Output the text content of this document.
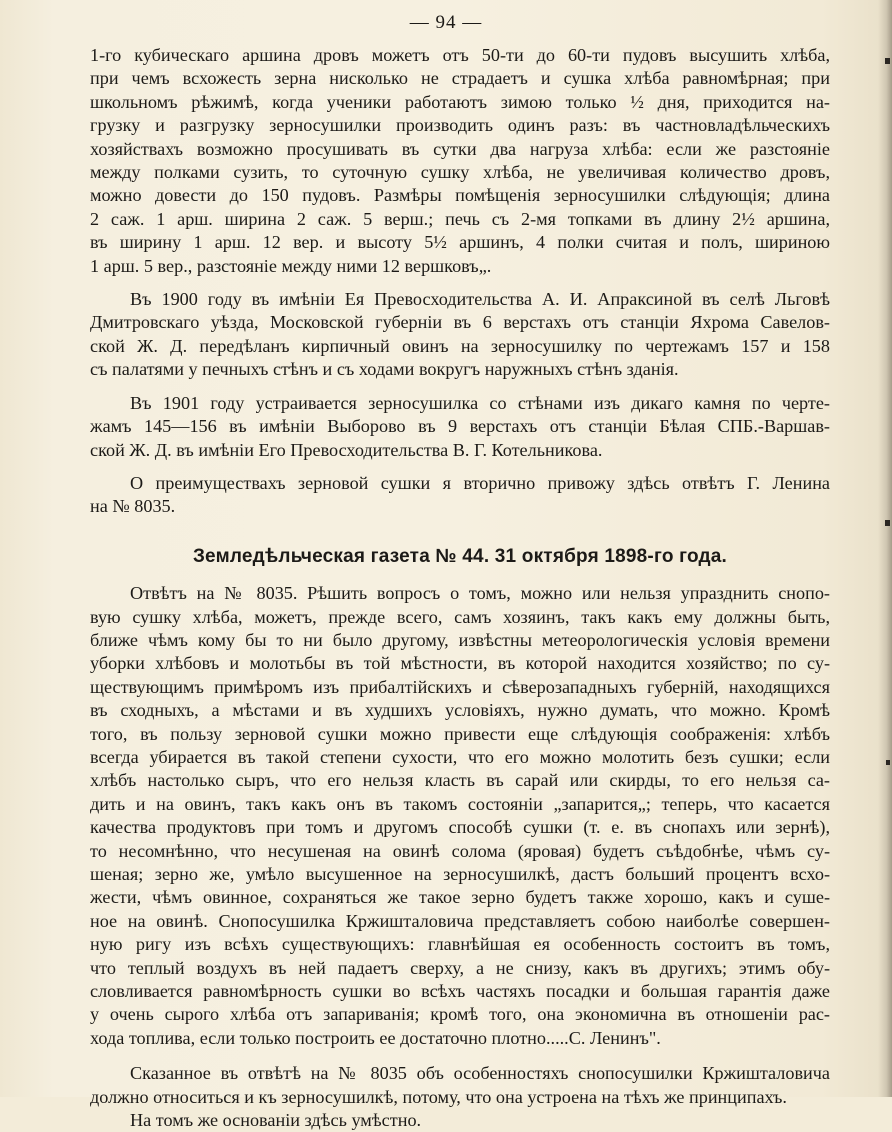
— 94 —
1-го кубическаго аршина дровъ можетъ отъ 50-ти до 60-ти пудовъ высушить хлѣба,
при чемъ всхожесть зерна нисколько не страдаетъ и сушка хлѣба равномѣрная; при
школьномъ рѣжимѣ, когда ученики работаютъ зимою только ½ дня, приходится на-
грузку и разгрузку зерносушилки производить одинъ разъ: въ частновладѣльческихъ
хозяйствахъ возможно просушивать въ сутки два нагруза хлѣба: если же разстояніе
между полками сузить, то суточную сушку хлѣба, не увеличивая количество дровъ,
можно довести до 150 пудовъ. Размѣры помѣщенія зерносушилки слѣдующія; длина
2 саж. 1 арш. ширина 2 саж. 5 верш.; печь съ 2-мя топками въ длину 2½ аршина,
въ ширину 1 арш. 12 вер. и высоту 5½ аршинъ, 4 полки считая и полъ, шириною
1 арш. 5 вер., разстояніе между ними 12 вершковъ„.
Въ 1900 году въ имѣніи Ея Превосходительства А. И. Апраксиной въ селѣ Льговѣ
Дмитровскаго уѣзда, Московской губерніи въ 6 верстахъ отъ станціи Яхрома Савелов-
ской Ж. Д. передѣланъ кирпичный овинъ на зерносушилку по чертежамъ 157 и 158
съ палатями у печныхъ стѣнъ и съ ходами вокругъ наружныхъ стѣнъ зданія.
Въ 1901 году устраивается зерносушилка со стѣнами изъ дикаго камня по черте-
жамъ 145—156 въ имѣніи Выборово въ 9 верстахъ отъ станціи Бѣлая СПБ.-Варшав-
ской Ж. Д. въ имѣніи Его Превосходительства В. Г. Котельникова.
О преимуществахъ зерновой сушки я вторично привожу здѣсь отвѣтъ Г. Ленина
на № 8035.
Земледѣльческая газета № 44. 31 октября 1898-го года.
Отвѣтъ на № 8035. Рѣшить вопросъ о томъ, можно или нельзя упразднить снопо-
вую сушку хлѣба, можетъ, прежде всего, самъ хозяинъ, такъ какъ ему должны быть,
ближе чѣмъ кому бы то ни было другому, извѣстны метеорологическія условія времени
уборки хлѣбовъ и молотьбы въ той мѣстности, въ которой находится хозяйство; по су-
ществующимъ примѣромъ изъ прибалтійскихъ и сѣверозападныхъ губерній, находящихся
въ сходныхъ, а мѣстами и въ худшихъ условіяхъ, нужно думать, что можно. Кромѣ
того, въ пользу зерновой сушки можно привести еще слѣдующія соображенія: хлѣбъ
всегда убирается въ такой степени сухости, что его можно молотить безъ сушки; если
хлѣбъ настолько сыръ, что его нельзя класть въ сарай или скирды, то его нельзя са-
дить и на овинъ, такъ какъ онъ въ такомъ состояніи „запарится„; теперь, что касается
качества продуктовъ при томъ и другомъ способѣ сушки (т. е. въ снопахъ или зернѣ),
то несомнѣнно, что несушеная на овинѣ солома (яровая) будетъ съѣдобнѣе, чѣмъ су-
шеная; зерно же, умѣло высушенное на зерносушилкѣ, дастъ больший процентъ всхо-
жести, чѣмъ овинное, сохраняться же такое зерно будетъ также хорошо, какъ и суше-
ное на овинѣ. Снопосушилка Кржишталовича представляетъ собою наиболѣе совершен-
ную ригу изъ всѣхъ существующихъ: главнѣйшая ея особенность состоитъ въ томъ,
что теплый воздухъ въ ней падаетъ сверху, а не снизу, какъ въ другихъ; этимъ обу-
словливается равномѣрность сушки во всѣхъ частяхъ посадки и большая гарантія даже
у очень сырого хлѣба отъ запариванія; кромѣ того, она экономична въ отношеніи рас-
хода топлива, если только построить ее достаточно плотно.....С. Ленинъ".
Сказанное въ отвѣтѣ на № 8035 объ особенностяхъ снопосушилки Кржишталовича
должно относиться и къ зерносушилкѣ, потому, что она устроена на тѣхъ же принципахъ.
На томъ же основаніи здѣсь умѣстно.
